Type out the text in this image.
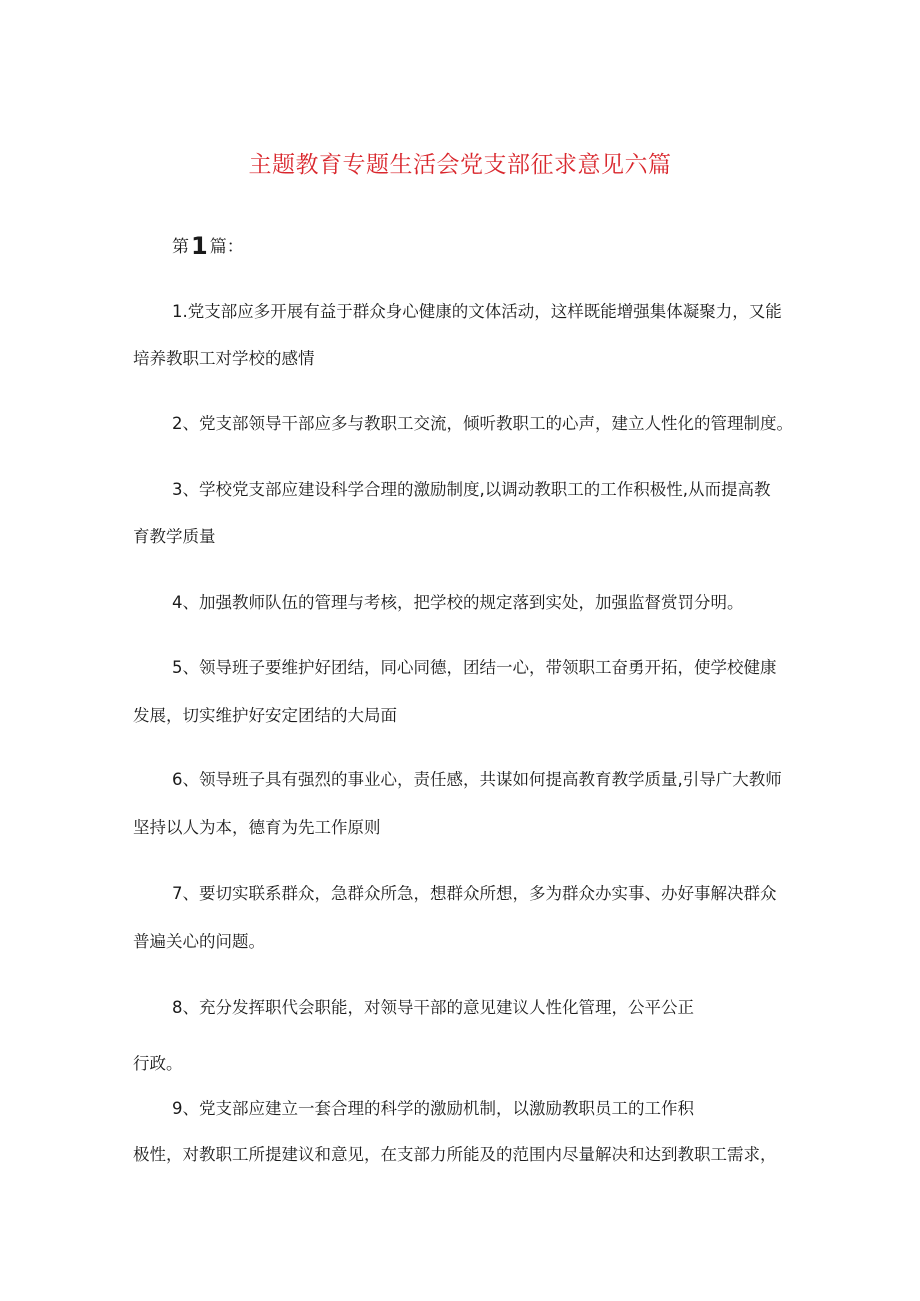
主题教育专题生活会党支部征求意见六篇
第1 篇：
1.党支部应多开展有益于群众身心健康的文体活动，这样既能增强集体凝聚力，又能
培养教职工对学校的感情
2、党支部领导干部应多与教职工交流，倾听教职工的心声，建立人性化的管理制度。
3、学校党支部应建设科学合理的激励制度,以调动教职工的工作积极性,从而提高教
育教学质量
4、加强教师队伍的管理与考核，把学校的规定落到实处，加强监督赏罚分明。
5、领导班子要维护好团结，同心同德，团结一心，带领职工奋勇开拓，使学校健康
发展，切实维护好安定团结的大局面
6、领导班子具有强烈的事业心，责任感，共谋如何提高教育教学质量,引导广大教师
坚持以人为本，德育为先工作原则
7、要切实联系群众，急群众所急，想群众所想，多为群众办实事、办好事解决群众
普遍关心的问题。
8、充分发挥职代会职能，对领导干部的意见建议人性化管理，公平公正
行政。
9、党支部应建立一套合理的科学的激励机制，以激励教职员工的工作积
极性，对教职工所提建议和意见，在支部力所能及的范围内尽量解决和达到教职工需求，
